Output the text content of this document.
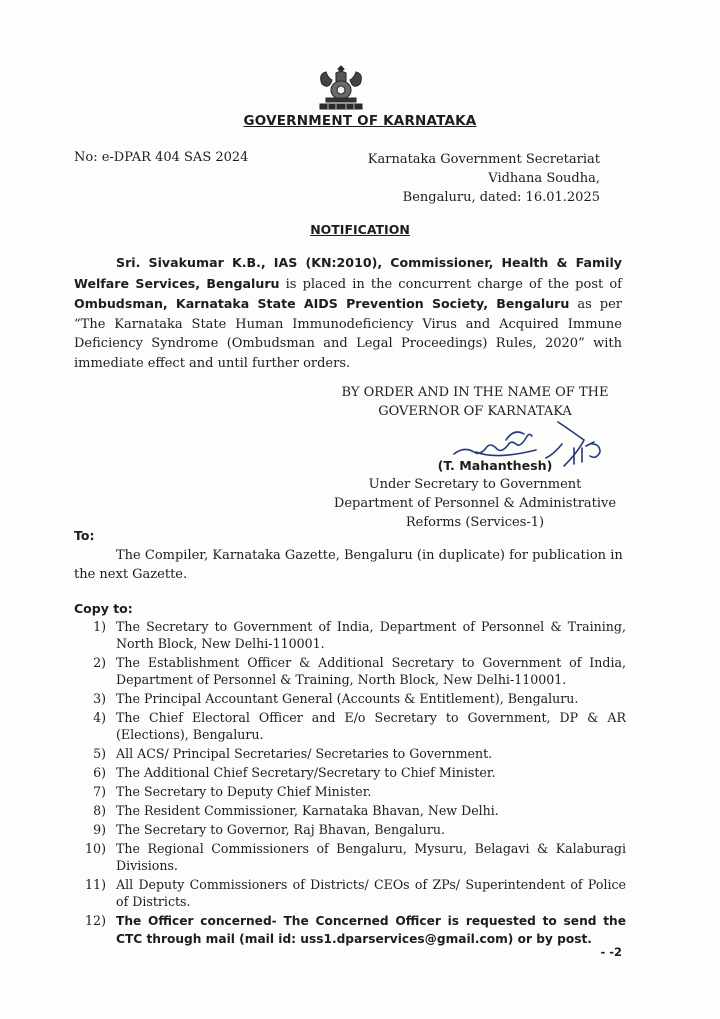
GOVERNMENT OF KARNATAKA
No: e-DPAR 404 SAS 2024	Karnataka Government Secretariat
Vidhana Soudha,
Bengaluru, dated: 16.01.2025
NOTIFICATION
Sri. Sivakumar K.B., IAS (KN:2010), Commissioner, Health & Family Welfare Services, Bengaluru is placed in the concurrent charge of the post of Ombudsman, Karnataka State AIDS Prevention Society, Bengaluru as per “The Karnataka State Human Immunodeficiency Virus and Acquired Immune Deficiency Syndrome (Ombudsman and Legal Proceedings) Rules, 2020” with immediate effect and until further orders.
BY ORDER AND IN THE NAME OF THE
GOVERNOR OF KARNATAKA
16/1/25
(T. Mahanthesh)
Under Secretary to Government
Department of Personnel & Administrative
Reforms (Services-1)
To:
The Compiler, Karnataka Gazette, Bengaluru (in duplicate) for publication in the next Gazette.
Copy to:
1) The Secretary to Government of India, Department of Personnel & Training, North Block, New Delhi-110001.
2) The Establishment Officer & Additional Secretary to Government of India, Department of Personnel & Training, North Block, New Delhi-110001.
3) The Principal Accountant General (Accounts & Entitlement), Bengaluru.
4) The Chief Electoral Officer and E/o Secretary to Government, DP & AR (Elections), Bengaluru.
5) All ACS/ Principal Secretaries/ Secretaries to Government.
6) The Additional Chief Secretary/Secretary to Chief Minister.
7) The Secretary to Deputy Chief Minister.
8) The Resident Commissioner, Karnataka Bhavan, New Delhi.
9) The Secretary to Governor, Raj Bhavan, Bengaluru.
10) The Regional Commissioners of Bengaluru, Mysuru, Belagavi & Kalaburagi Divisions.
11) All Deputy Commissioners of Districts/ CEOs of ZPs/ Superintendent of Police of Districts.
12) The Officer concerned- The Concerned Officer is requested to send the CTC through mail (mail id: uss1.dparservices@gmail.com) or by post.
- -2
